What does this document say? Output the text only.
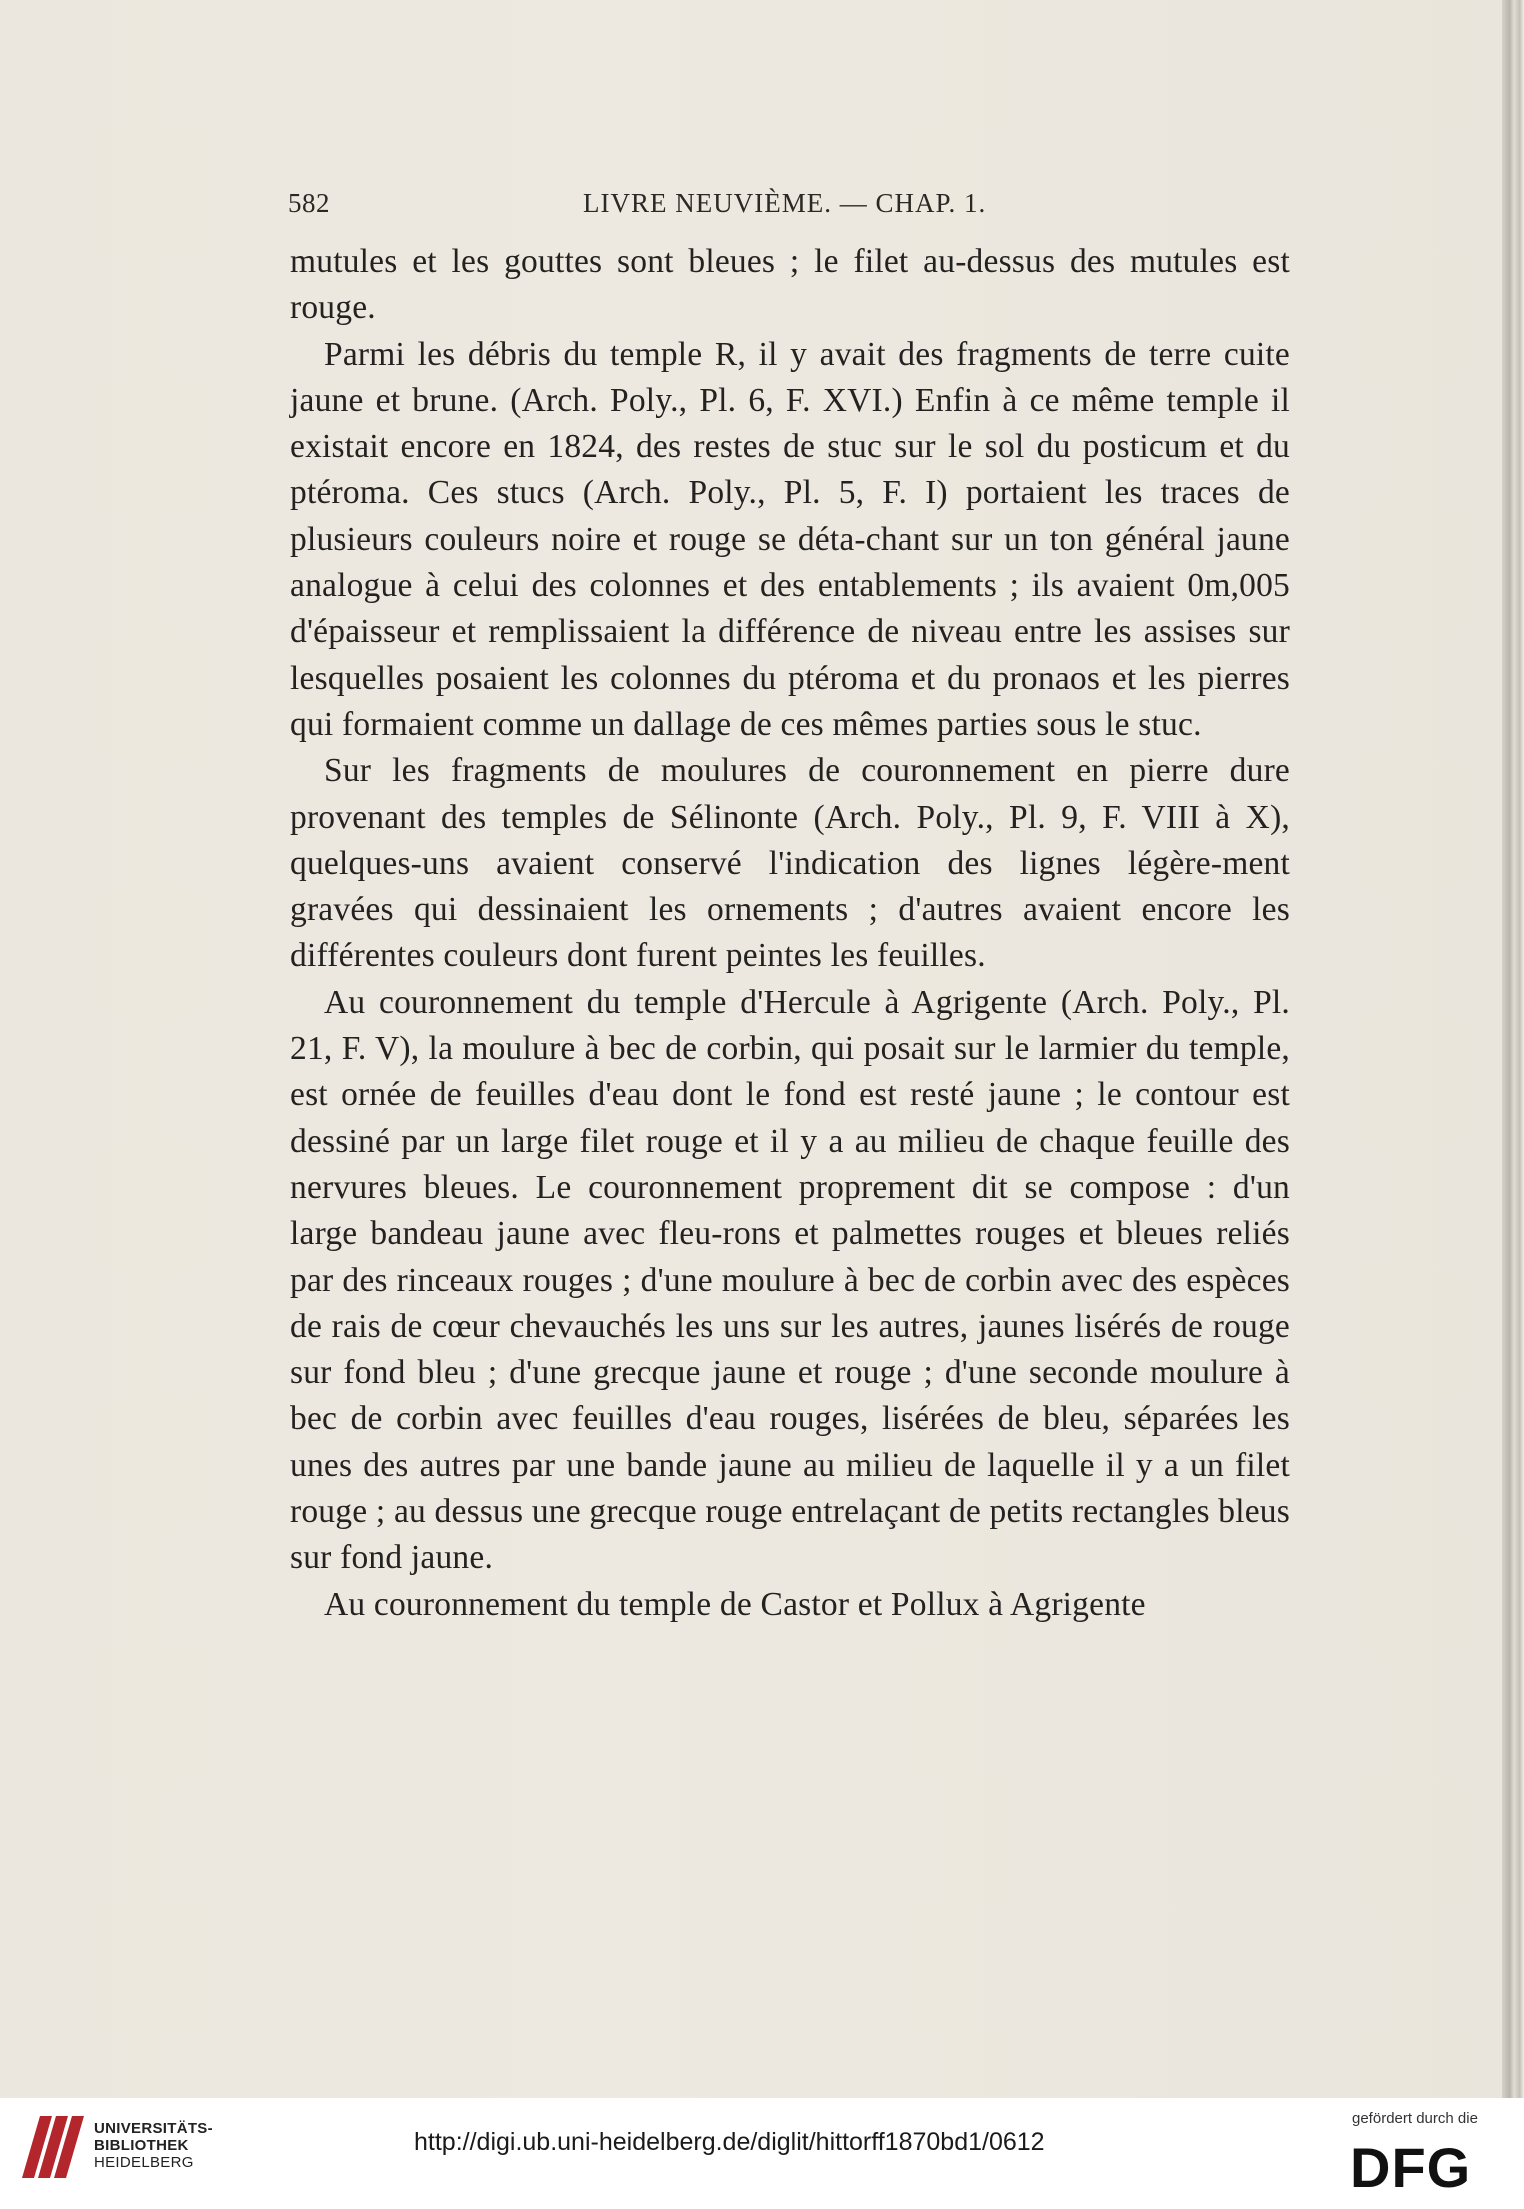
582	LIVRE NEUVIÈME. — CHAP. 1.

mutules et les gouttes sont bleues ; le filet au-dessus des mutules est rouge.

Parmi les débris du temple R, il y avait des fragments de terre cuite jaune et brune. (Arch. Poly., Pl. 6, F. XVI.) Enfin à ce même temple il existait encore en 1824, des restes de stuc sur le sol du posticum et du ptéroma. Ces stucs (Arch. Poly., Pl. 5, F. I) portaient les traces de plusieurs couleurs noire et rouge se déta-chant sur un ton général jaune analogue à celui des colonnes et des entablements ; ils avaient 0m,005 d'épaisseur et remplissaient la différence de niveau entre les assises sur lesquelles posaient les colonnes du ptéroma et du pronaos et les pierres qui formaient comme un dallage de ces mêmes parties sous le stuc.

Sur les fragments de moulures de couronnement en pierre dure provenant des temples de Sélinonte (Arch. Poly., Pl. 9, F. VIII à X), quelques-uns avaient conservé l'indication des lignes légère-ment gravées qui dessinaient les ornements ; d'autres avaient encore les différentes couleurs dont furent peintes les feuilles.

Au couronnement du temple d'Hercule à Agrigente (Arch. Poly., Pl. 21, F. V), la moulure à bec de corbin, qui posait sur le larmier du temple, est ornée de feuilles d'eau dont le fond est resté jaune ; le contour est dessiné par un large filet rouge et il y a au milieu de chaque feuille des nervures bleues. Le couronnement proprement dit se compose : d'un large bandeau jaune avec fleu-rons et palmettes rouges et bleues reliés par des rinceaux rouges ; d'une moulure à bec de corbin avec des espèces de rais de cœur chevauchés les uns sur les autres, jaunes lisérés de rouge sur fond bleu ; d'une grecque jaune et rouge ; d'une seconde moulure à bec de corbin avec feuilles d'eau rouges, lisérées de bleu, séparées les unes des autres par une bande jaune au milieu de laquelle il y a un filet rouge ; au dessus une grecque rouge entrelaçant de petits rectangles bleus sur fond jaune.

Au couronnement du temple de Castor et Pollux à Agrigente

UNIVERSITÄTS-
BIBLIOTHEK
HEIDELBERG
http://digi.ub.uni-heidelberg.de/diglit/hittorff1870bd1/0612
gefördert durch die
DFG
